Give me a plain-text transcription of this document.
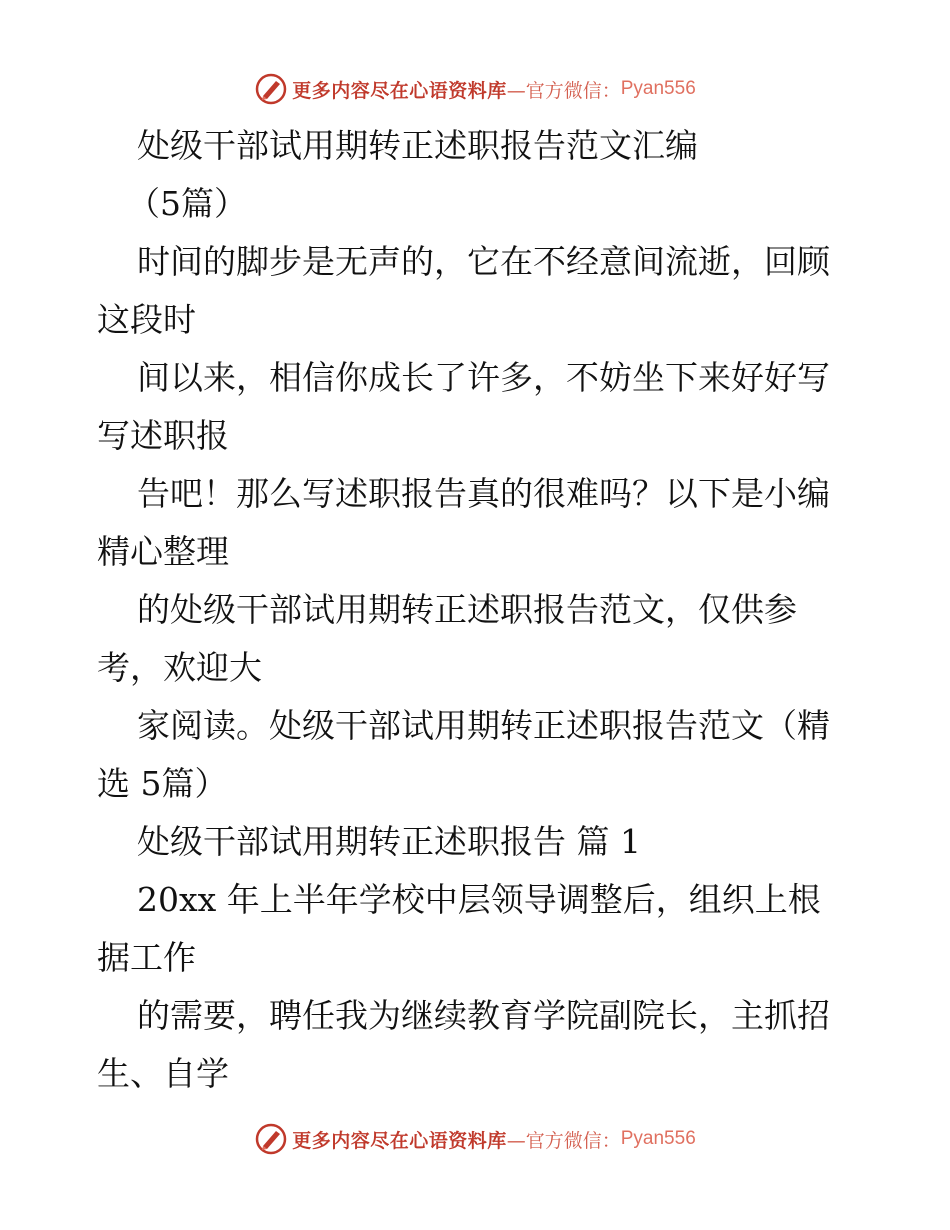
更多内容尽在心语资料库 —官方微信： Pyan556
处级干部试用期转正述职报告范文汇编
（5篇）
时间的脚步是无声的，它在不经意间流逝，回顾
这段时
间以来，相信你成长了许多，不妨坐下来好好写
写述职报
告吧！那么写述职报告真的很难吗？以下是小编
精心整理
的处级干部试用期转正述职报告范文，仅供参
考，欢迎大
家阅读。处级干部试用期转正述职报告范文（精
选 5篇）
处级干部试用期转正述职报告 篇 1
20xx 年上半年学校中层领导调整后，组织上根
据工作
的需要，聘任我为继续教育学院副院长，主抓招
生、自学
更多内容尽在心语资料库 —官方微信： Pyan556
